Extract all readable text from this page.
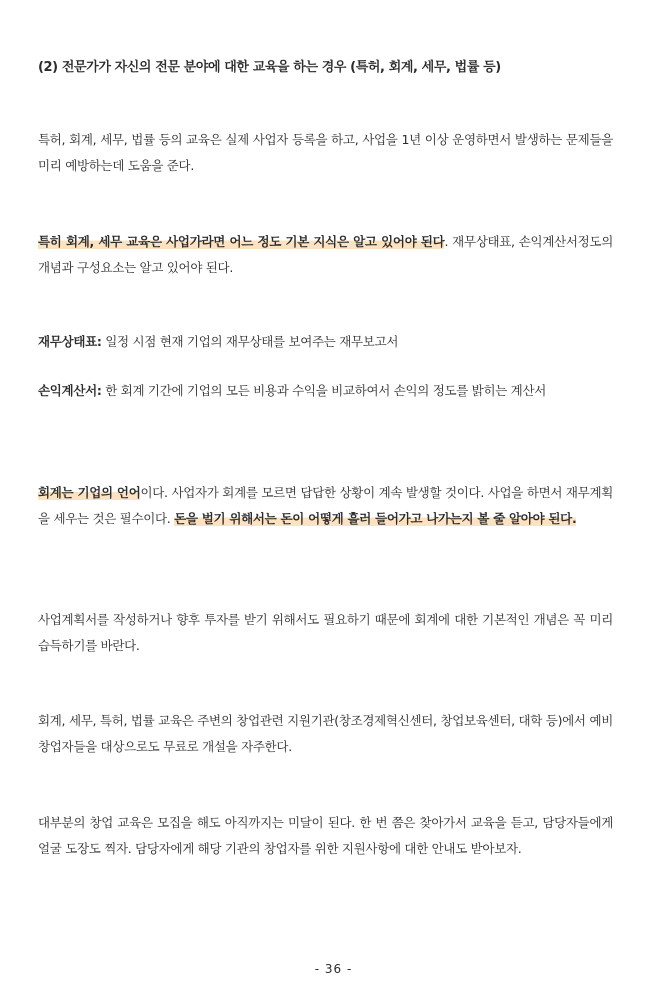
(2) 전문가가 자신의 전문 분야에 대한 교육을 하는 경우 (특허, 회계, 세무, 법률 등)

특허, 회계, 세무, 법률 등의 교육은 실제 사업자 등록을 하고, 사업을 1년 이상 운영하면서 발생하는 문제들을 미리 예방하는데 도움을 준다.

특히 회계, 세무 교육은 사업가라면 어느 정도 기본 지식은 알고 있어야 된다. 재무상태표, 손익계산서정도의 개념과 구성요소는 알고 있어야 된다.

재무상태표: 일정 시점 현재 기업의 재무상태를 보여주는 재무보고서

손익계산서: 한 회계 기간에 기업의 모든 비용과 수익을 비교하여서 손익의 정도를 밝히는 계산서

회계는 기업의 언어이다. 사업자가 회계를 모르면 답답한 상황이 계속 발생할 것이다. 사업을 하면서 재무계획을 세우는 것은 필수이다. 돈을 벌기 위해서는 돈이 어떻게 흘러 들어가고 나가는지 볼 줄 알아야 된다.

사업계획서를 작성하거나 향후 투자를 받기 위해서도 필요하기 때문에 회계에 대한 기본적인 개념은 꼭 미리 습득하기를 바란다.

회계, 세무, 특허, 법률 교육은 주변의 창업관련 지원기관(창조경제혁신센터, 창업보육센터, 대학 등)에서 예비창업자들을 대상으로도 무료로 개설을 자주한다.

대부분의 창업 교육은 모집을 해도 아직까지는 미달이 된다. 한 번 쯤은 찾아가서 교육을 듣고, 담당자들에게 얼굴 도장도 찍자. 담당자에게 해당 기관의 창업자를 위한 지원사항에 대한 안내도 받아보자.

- 36 -
